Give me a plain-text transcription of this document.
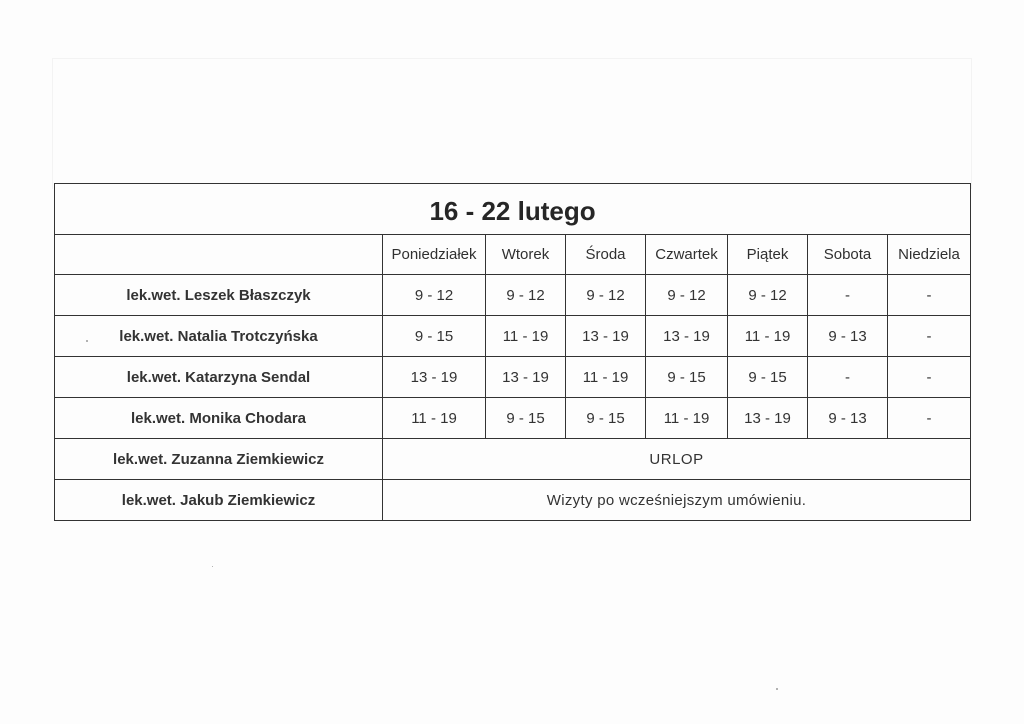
16 - 22 lutego							
	Poniedziałek	Wtorek	Środa	Czwartek	Piątek	Sobota	Niedziela
lek.wet. Leszek Błaszczyk	9 - 12	9 - 12	9 - 12	9 - 12	9 - 12	-	-
lek.wet. Natalia Trotczyńska	9 - 15	11 - 19	13 - 19	13 - 19	11 - 19	9 - 13	-
lek.wet. Katarzyna Sendal	13 - 19	13 - 19	11 - 19	9 - 15	9 - 15	-	-
lek.wet. Monika Chodara	11 - 19	9 - 15	9 - 15	11 - 19	13 - 19	9 - 13	-
lek.wet. Zuzanna Ziemkiewicz	URLOP						
lek.wet. Jakub Ziemkiewicz	Wizyty po wcześniejszym umówieniu.						
